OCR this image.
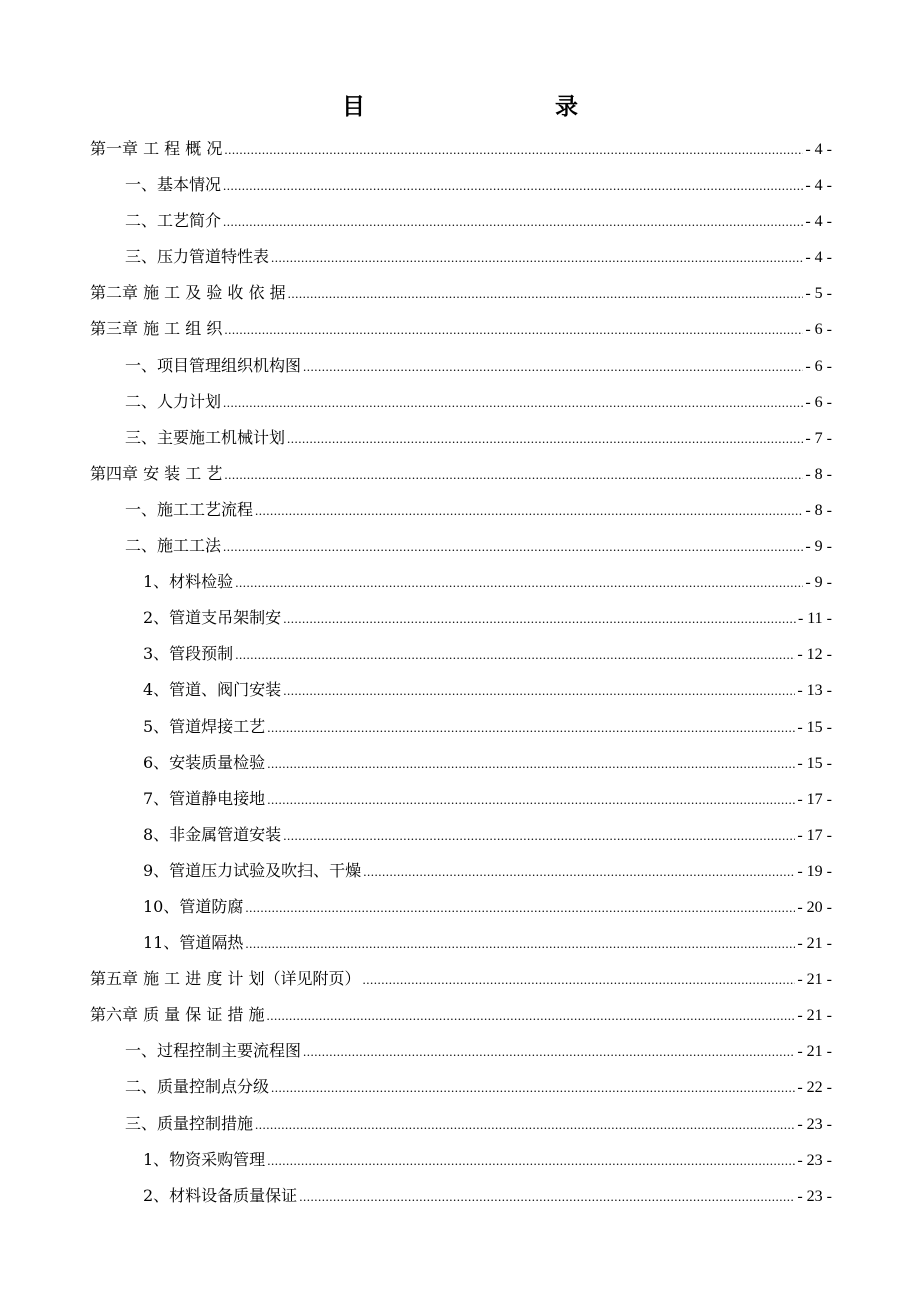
目　　录
第一章 工 程 概 况 .....	- 4 -
一、基本情况 .....	- 4 -
二、工艺简介 .....	- 4 -
三、压力管道特性表 .....	- 4 -
第二章 施 工 及 验 收 依 据 .....	- 5 -
第三章 施 工 组 织 .....	- 6 -
一、项目管理组织机构图 .....	- 6 -
二、人力计划 .....	- 6 -
三、主要施工机械计划 .....	- 7 -
第四章 安 装 工 艺 .....	- 8 -
一、施工工艺流程 .....	- 8 -
二、施工工法 .....	- 9 -
1、材料检验 .....	- 9 -
2、管道支吊架制安 .....	- 11 -
3、管段预制 .....	- 12 -
4、管道、阀门安装 .....	- 13 -
5、管道焊接工艺 .....	- 15 -
6、安装质量检验 .....	- 15 -
7、管道静电接地 .....	- 17 -
8、非金属管道安装 .....	- 17 -
9、管道压力试验及吹扫、干燥 .....	- 19 -
10、管道防腐 .....	- 20 -
11、管道隔热 .....	- 21 -
第五章 施 工 进 度 计 划（详见附页） .....	- 21 -
第六章 质 量 保 证 措 施 .....	- 21 -
一、过程控制主要流程图 .....	- 21 -
二、质量控制点分级 .....	- 22 -
三、质量控制措施 .....	- 23 -
1、物资采购管理 .....	- 23 -
2、材料设备质量保证 .....	- 23 -
